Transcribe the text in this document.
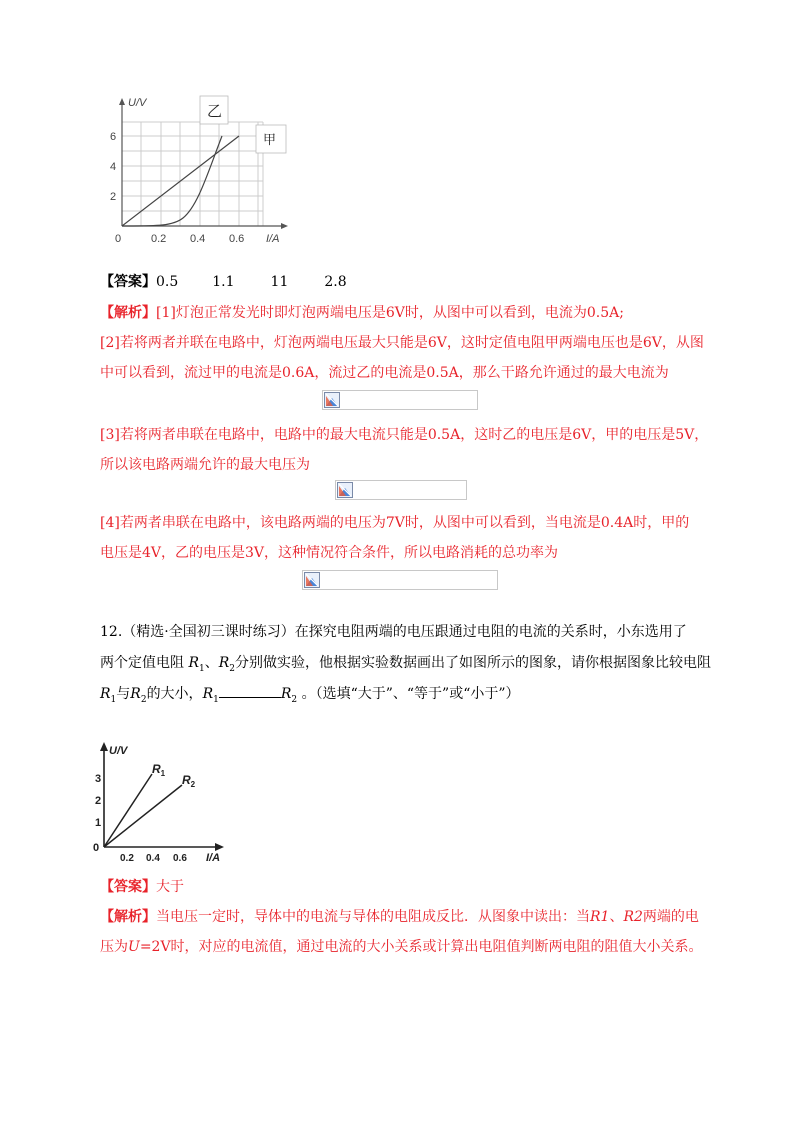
U/V
I/A
0
2
4
6
0.2 0.4 0.6
乙
甲
【答案】0.5 1.1	11	2.8
【解析】[1]灯泡正常发光时即灯泡两端电压是6V时，从图中可以看到，电流为0.5A;
[2]若将两者并联在电路中，灯泡两端电压最大只能是6V，这时定值电阻甲两端电压也是6V，从图
中可以看到，流过甲的电流是0.6A，流过乙的电流是0.5A，那么干路允许通过的最大电流为
[3]若将两者串联在电路中，电路中的最大电流只能是0.5A，这时乙的电压是6V，甲的电压是5V，
所以该电路两端允许的最大电压为
[4]若两者串联在电路中，该电路两端的电压为7V时，从图中可以看到，当电流是0.4A时，甲的
电压是4V，乙的电压是3V，这种情况符合条件，所以电路消耗的总功率为
12.（精选·全国初三课时练习）在探究电阻两端的电压跟通过电阻的电流的关系时，小东选用了
两个定值电阻 $R_1$、$R_2$分别做实验，他根据实验数据画出了如图所示的图象，请你根据图象比较电阻
$R_1$与$R_2$的大小，$R_1$	$R_2$ 。（选填“大于”、“等于”或“小于”）
U/V
I/A
0
1
2
3
0.2 0.4 0.6
$R_1$ $R_2$
【答案】大于
【解析】当电压一定时，导体中的电流与导体的电阻成反比．从图象中读出：当R1、R2两端的电
压为U=2V时，对应的电流值，通过电流的大小关系或计算出电阻值判断两电阻的阻值大小关系。
